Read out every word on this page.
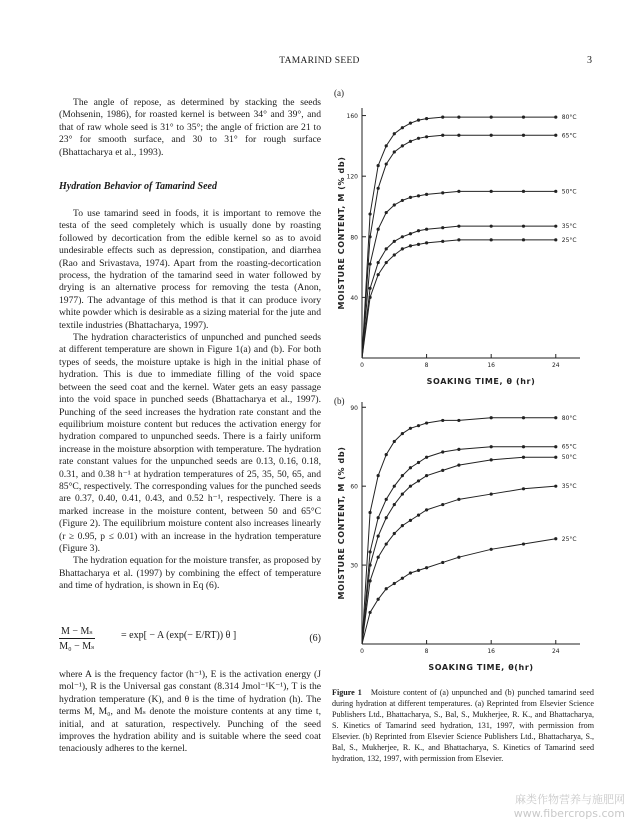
TAMARIND SEED	3

The angle of repose, as determined by stacking the seeds (Mohsenin, 1986), for roasted kernel is between 34° and 39°, and that of raw whole seed is 31° to 35°; the angle of friction are 21 to 23° for smooth surface, and 30 to 31° for rough surface (Bhattacharya et al., 1993).

Hydration Behavior of Tamarind Seed

To use tamarind seed in foods, it is important to remove the testa of the seed completely which is usually done by roasting followed by decortication from the edible kernel so as to avoid undesirable effects such as depression, constipation, and diarrhea (Rao and Srivastava, 1974). Apart from the roasting-decortication process, the hydration of the tamarind seed in water followed by drying is an alternative process for removing the testa (Anon, 1977). The advantage of this method is that it can produce ivory white powder which is desirable as a sizing material for the jute and textile industries (Bhattacharya, 1997).

The hydration characteristics of unpunched and punched seeds at different temperature are shown in Figure 1(a) and (b). For both types of seeds, the moisture uptake is high in the initial phase of hydration. This is due to immediate filling of the void space between the seed coat and the kernel. Water gets an easy passage into the void space in punched seeds (Bhattacharya et al., 1997). Punching of the seed increases the hydration rate constant and the equilibrium moisture content but reduces the activation energy for hydration compared to unpunched seeds. There is a fairly uniform increase in the moisture absorption with temperature. The hydration rate constant values for the unpunched seeds are 0.13, 0.16, 0.18, 0.31, and 0.38 h⁻¹ at hydration temperatures of 25, 35, 50, 65, and 85°C, respectively. The corresponding values for the punched seeds are 0.37, 0.40, 0.41, 0.43, and 0.52 h⁻¹, respectively. There is a marked increase in the moisture content, between 50 and 65°C (Figure 2). The equilibrium moisture content also increases linearly (r ≥ 0.95, p ≤ 0.01) with an increase in the hydration temperature (Figure 3).

The hydration equation for the moisture transfer, as proposed by Bhattacharya et al. (1997) by combining the effect of temperature and time of hydration, is shown in Eq (6).

$\frac{\text{M − Mₛ}}{\text{M₀ − Mₛ}}$	= exp[ − A (exp(− E/RT)) θ ]	(6)

where A is the frequency factor (h⁻¹), E is the activation energy (J mol⁻¹), R is the Universal gas constant (8.314 Jmol⁻¹K⁻¹), T is the hydration temperature (K), and θ is the time of hydration (h). The terms M, M₀, and Mₛ denote the moisture contents at any time t, initial, and at saturation, respectively. Punching of the seed improves the hydration ability and is suitable where the seed coat tenaciously adheres to the kernel.

(a)
40
80
120
160
0	8	16	24
SOAKING TIME, θ (hr)
MOISTURE CONTENT, M (% db)
80°C
65°C
50°C
35°C
25°C
(b)
30
60
90
0	8	16	24
SOAKING TIME, θ(hr)
MOISTURE CONTENT, M (% db)
80°C
65°C
50°C
35°C
25°C
Figure 1 Moisture content of (a) unpunched and (b) punched tamarind seed during hydration at different temperatures. (a) Reprinted from Elsevier Science Publishers Ltd., Bhattacharya, S., Bal, S., Mukherjee, R. K., and Bhattacharya, S. Kinetics of Tamarind seed hydration, 131, 1997, with permission from Elsevier. (b) Reprinted from Elsevier Science Publishers Ltd., Bhattacharya, S., Bal, S., Mukherjee, R. K., and Bhattacharya, S. Kinetics of Tamarind seed hydration, 132, 1997, with permission from Elsevier.
麻类作物营养与施肥网
www.fibercrops.com
